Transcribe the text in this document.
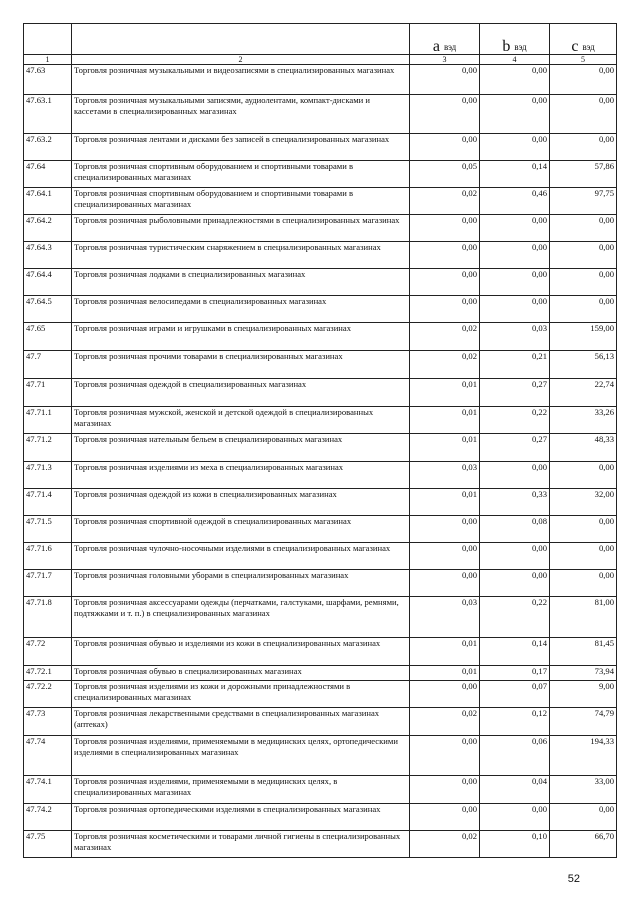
		a $_{вэд}$	b $_{вэд}$	c $_{вэд}$
1	2	3	4	5
47.63	Торговля розничная музыкальными и видеозаписями в специализированных магазинах	0,00	0,00	0,00
47.63.1	Торговля розничная музыкальными записями, аудиолентами, компакт-дисками и кассетами в специализированных магазинах	0,00	0,00	0,00
47.63.2	Торговля розничная лентами и дисками без записей в специализированных магазинах	0,00	0,00	0,00
47.64	Торговля розничная спортивным оборудованием и спортивными товарами в специализированных магазинах	0,05	0,14	57,86
47.64.1	Торговля розничная спортивным оборудованием и спортивными товарами в специализированных магазинах	0,02	0,46	97,75
47.64.2	Торговля розничная рыболовными принадлежностями в специализированных магазинах	0,00	0,00	0,00
47.64.3	Торговля розничная туристическим снаряжением в специализированных магазинах	0,00	0,00	0,00
47.64.4	Торговля розничная лодками в специализированных магазинах	0,00	0,00	0,00
47.64.5	Торговля розничная велосипедами в специализированных магазинах	0,00	0,00	0,00
47.65	Торговля розничная играми и игрушками в специализированных магазинах	0,02	0,03	159,00
47.7	Торговля розничная прочими товарами в специализированных магазинах	0,02	0,21	56,13
47.71	Торговля розничная одеждой в специализированных магазинах	0,01	0,27	22,74
47.71.1	Торговля розничная мужской, женской и детской одеждой в специализированных магазинах	0,01	0,22	33,26
47.71.2	Торговля розничная нательным бельем в специализированных магазинах	0,01	0,27	48,33
47.71.3	Торговля розничная изделиями из меха в специализированных магазинах	0,03	0,00	0,00
47.71.4	Торговля розничная одеждой из кожи в специализированных магазинах	0,01	0,33	32,00
47.71.5	Торговля розничная спортивной одеждой в специализированных магазинах	0,00	0,08	0,00
47.71.6	Торговля розничная чулочно-носочными изделиями в специализированных магазинах	0,00	0,00	0,00
47.71.7	Торговля розничная головными уборами в специализированных магазинах	0,00	0,00	0,00
47.71.8	Торговля розничная аксессуарами одежды (перчатками, галстуками, шарфами, ремнями, подтяжками и т. п.) в специализированных магазинах	0,03	0,22	81,00
47.72	Торговля розничная обувью и изделиями из кожи в специализированных магазинах	0,01	0,14	81,45
47.72.1	Торговля розничная обувью в специализированных магазинах	0,01	0,17	73,94
47.72.2	Торговля розничная изделиями из кожи и дорожными принадлежностями в специализированных магазинах	0,00	0,07	9,00
47.73	Торговля розничная лекарственными средствами в специализированных магазинах (аптеках)	0,02	0,12	74,79
47.74	Торговля розничная изделиями, применяемыми в медицинских целях, ортопедическими изделиями в специализированных магазинах	0,00	0,06	194,33
47.74.1	Торговля розничная изделиями, применяемыми в медицинских целях, в специализированных магазинах	0,00	0,04	33,00
47.74.2	Торговля розничная ортопедическими изделиями в специализированных магазинах	0,00	0,00	0,00
47.75	Торговля розничная косметическими и товарами личной гигиены в специализированных магазинах	0,02	0,10	66,70
52
